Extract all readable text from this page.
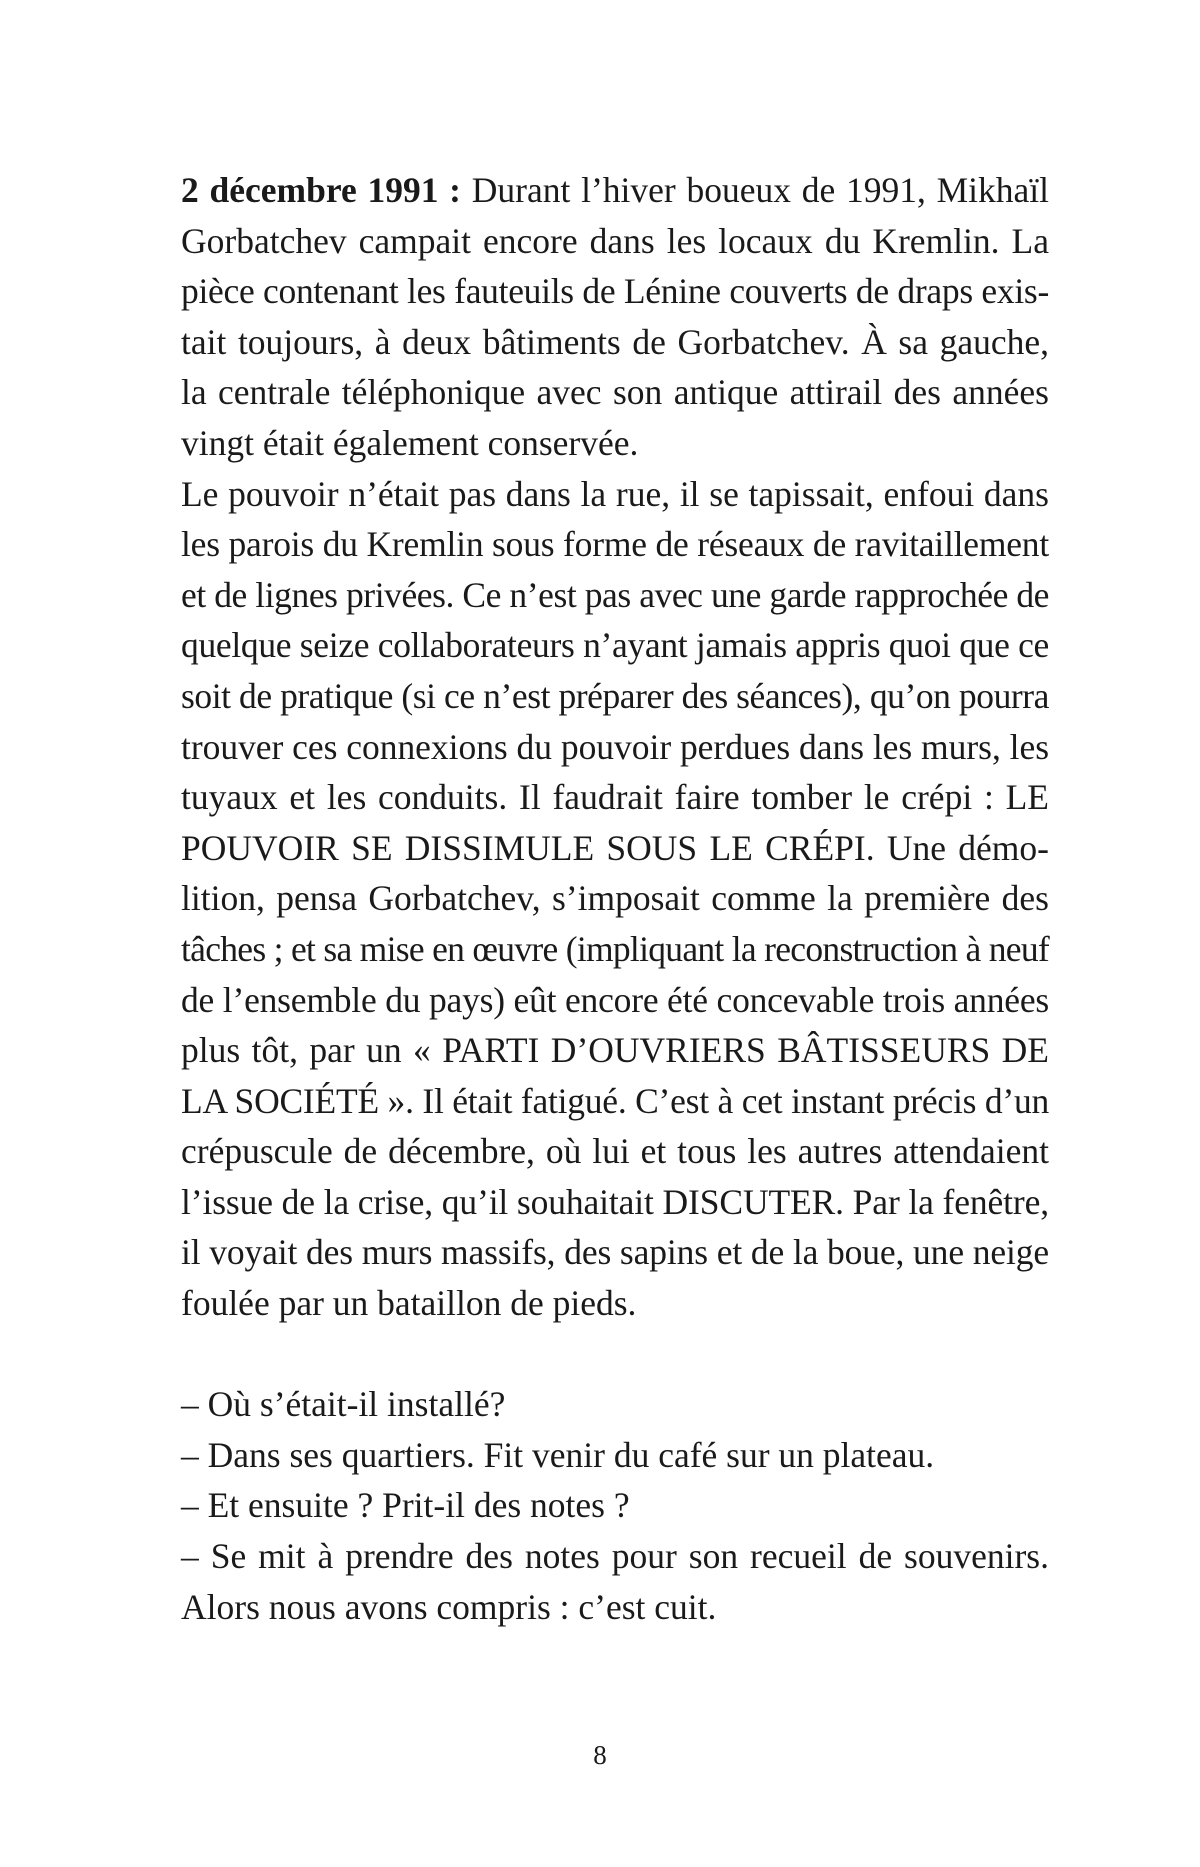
2 décembre 1991 : Durant l’hiver boueux de 1991, Mikhaïl
Gorbatchev campait encore dans les locaux du Kremlin. La
pièce contenant les fauteuils de Lénine couverts de draps exis-
tait toujours, à deux bâtiments de Gorbatchev. À sa gauche,
la centrale téléphonique avec son antique attirail des années
vingt était également conservée.
Le pouvoir n’était pas dans la rue, il se tapissait, enfoui dans
les parois du Kremlin sous forme de réseaux de ravitaillement
et de lignes privées. Ce n’est pas avec une garde rapprochée de
quelque seize collaborateurs n’ayant jamais appris quoi que ce
soit de pratique (si ce n’est préparer des séances), qu’on pourra
trouver ces connexions du pouvoir perdues dans les murs, les
tuyaux et les conduits. Il faudrait faire tomber le crépi : LE
POUVOIR SE DISSIMULE SOUS LE CRÉPI. Une démo-
lition, pensa Gorbatchev, s’imposait comme la première des
tâches ; et sa mise en œuvre (impliquant la reconstruction à neuf
de l’ensemble du pays) eût encore été concevable trois années
plus tôt, par un « PARTI D’OUVRIERS BÂTISSEURS DE
LA SOCIÉTÉ ». Il était fatigué. C’est à cet instant précis d’un
crépuscule de décembre, où lui et tous les autres attendaient
l’issue de la crise, qu’il souhaitait DISCUTER. Par la fenêtre,
il voyait des murs massifs, des sapins et de la boue, une neige
foulée par un bataillon de pieds.
– Où s’était-il installé?
– Dans ses quartiers. Fit venir du café sur un plateau.
– Et ensuite ? Prit-il des notes ?
– Se mit à prendre des notes pour son recueil de souvenirs.
Alors nous avons compris : c’est cuit.
8
